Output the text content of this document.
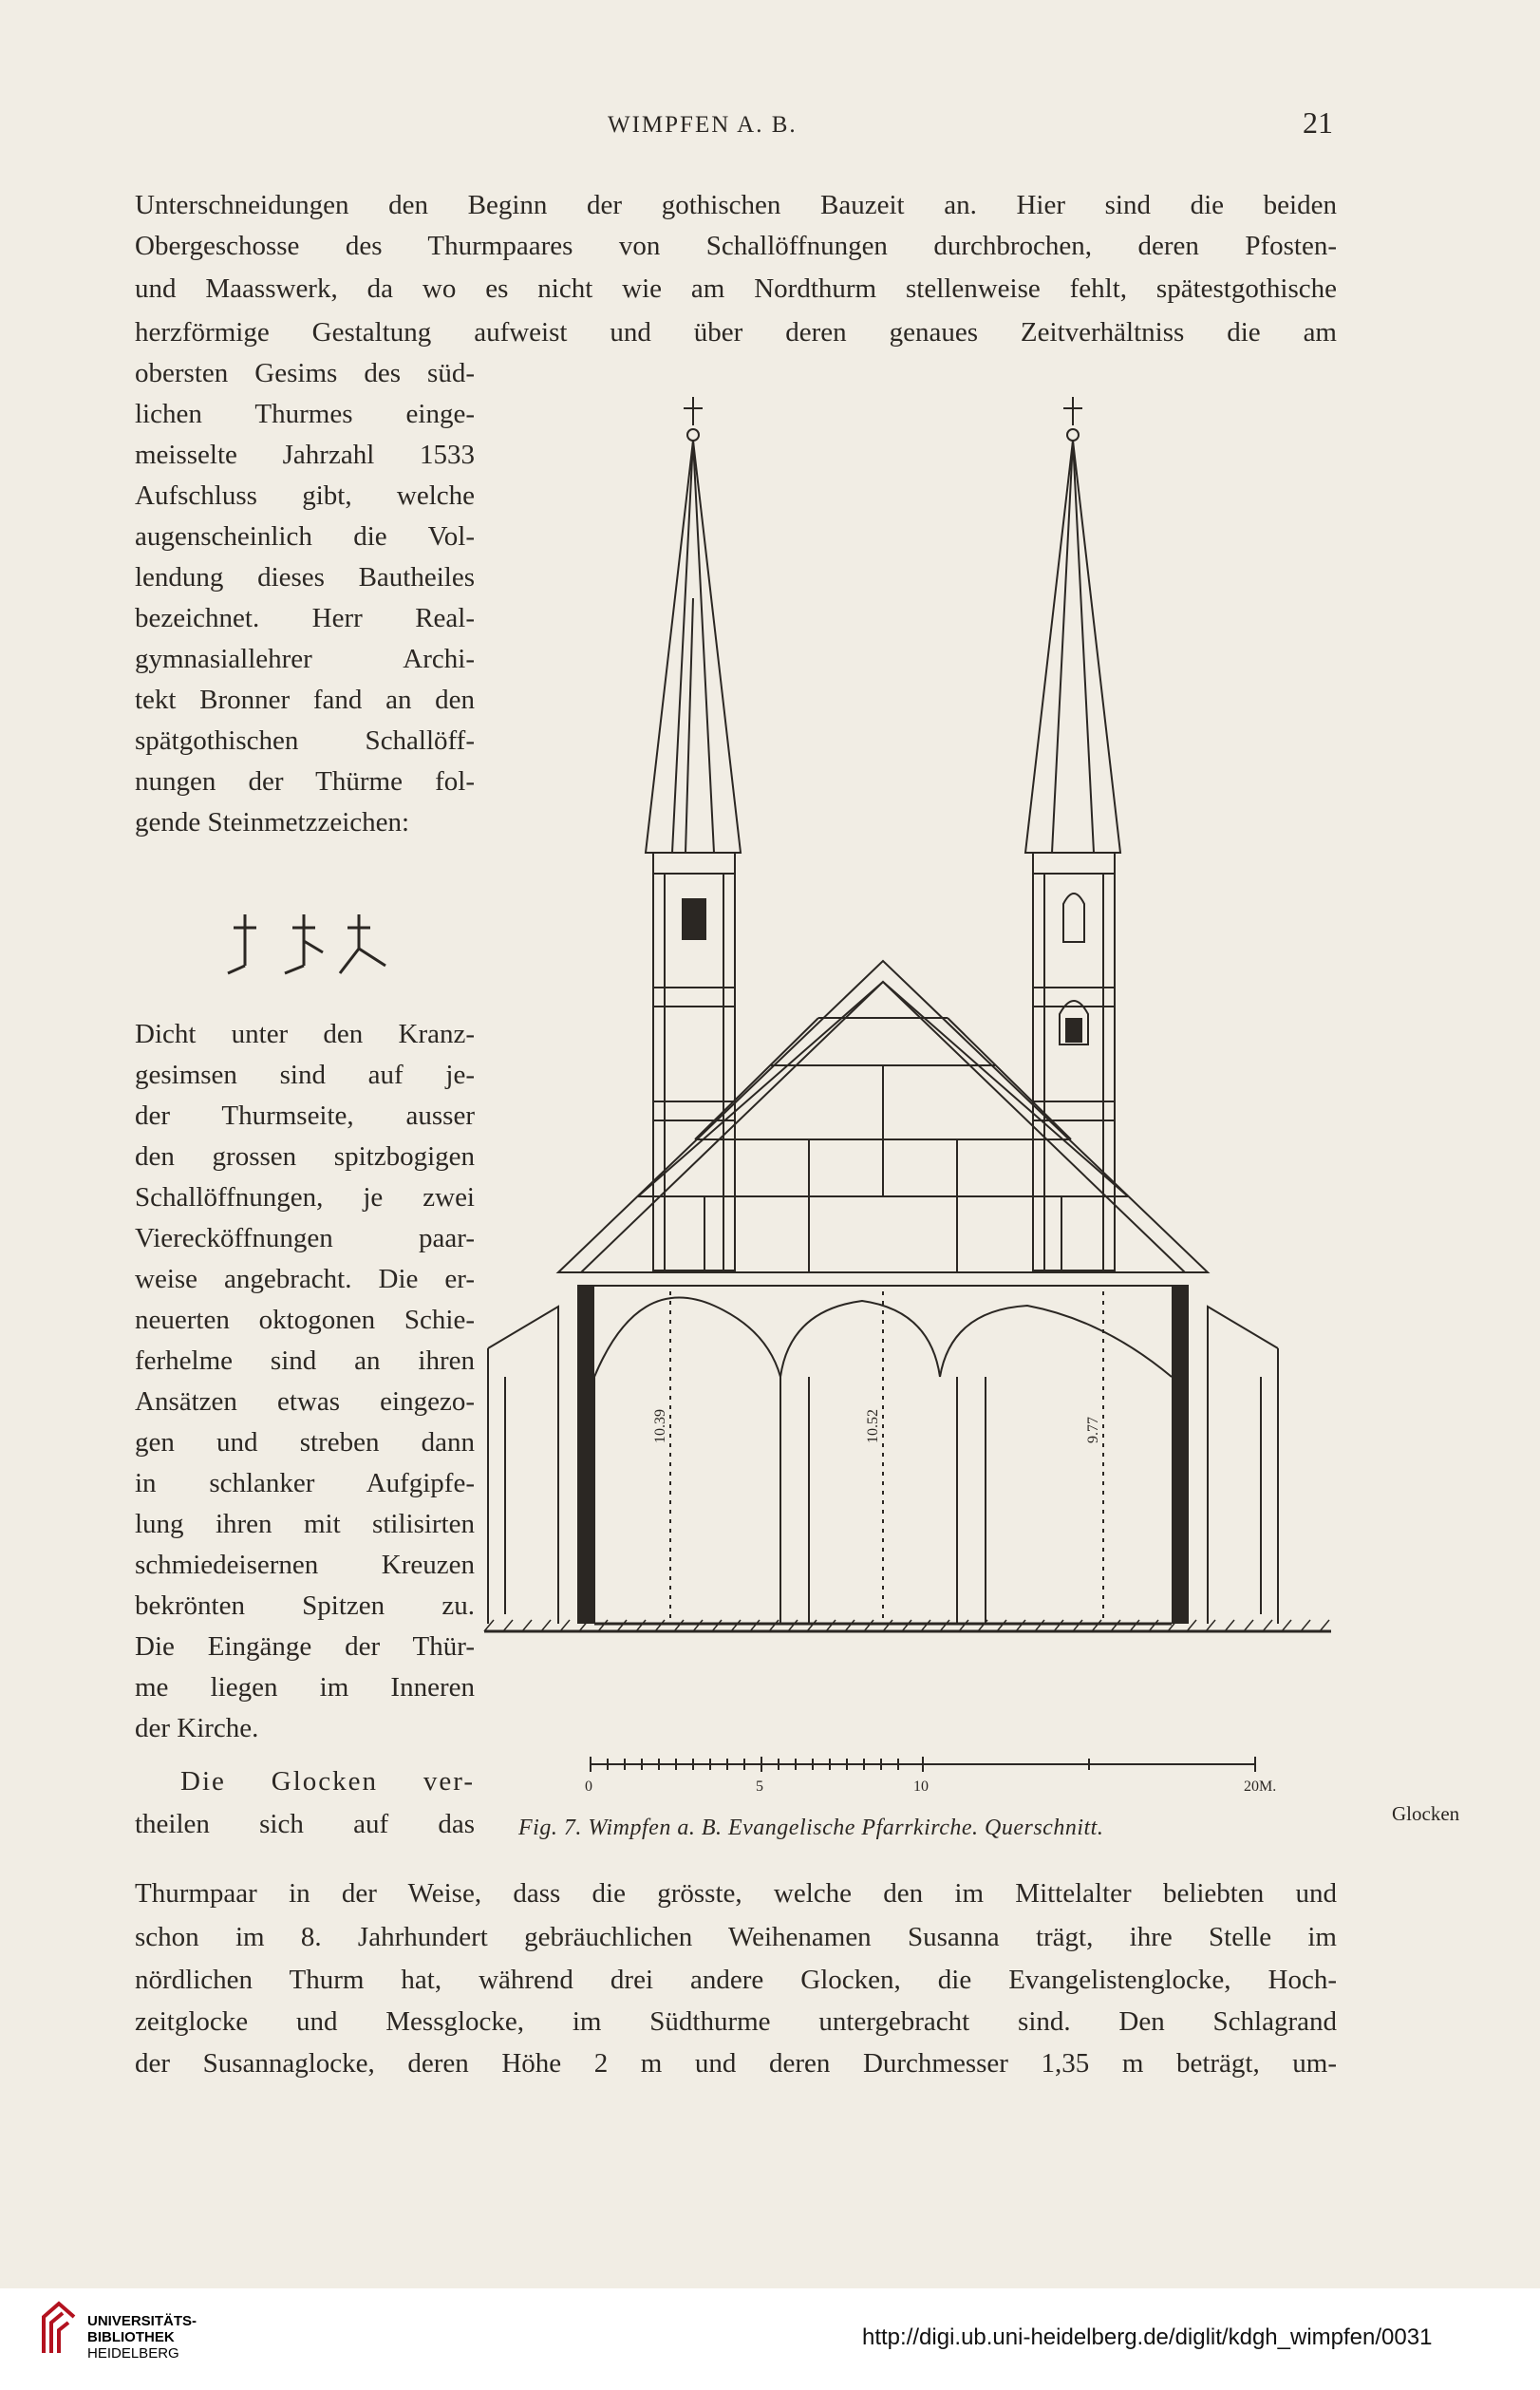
WIMPFEN A. B.	21
Unterschneidungen den Beginn der gothischen Bauzeit an. Hier sind die beiden
Obergeschosse des Thurmpaares von Schallöffnungen durchbrochen, deren Pfosten-
und Maasswerk, da wo es nicht wie am Nordthurm stellenweise fehlt, spätestgothische
herzförmige Gestaltung aufweist und über deren genaues Zeitverhältniss die am
obersten Gesims des süd-
lichen Thurmes einge-
meisselte Jahrzahl 1533
Aufschluss gibt, welche
augenscheinlich die Vol-
lendung dieses Bautheiles
bezeichnet. Herr Real-
gymnasiallehrer Archi-
tekt Bronner fand an den
spätgothischen Schallöff-
nungen der Thürme fol-
gende Steinmetzzeichen:
Dicht unter den Kranz-
gesimsen sind auf je-
der Thurmseite, ausser
den grossen spitzbogigen
Schallöffnungen, je zwei
Vierecköffnungen paar-
weise angebracht. Die er-
neuerten oktogonen Schie-
ferhelme sind an ihren
Ansätzen etwas eingezo-
gen und streben dann
in schlanker Aufgipfe-
lung ihren mit stilisirten
schmiedeisernen Kreuzen
bekrönten Spitzen zu.
Die Eingänge der Thür-
me liegen im Inneren
der Kirche.
Die Glocken ver-
theilen sich auf das
10.39	10.52	9.77
0	5	10	20M.
Fig. 7. Wimpfen a. B. Evangelische Pfarrkirche. Querschnitt.
Glocken
Thurmpaar in der Weise, dass die grösste, welche den im Mittelalter beliebten und
schon im 8. Jahrhundert gebräuchlichen Weihenamen Susanna trägt, ihre Stelle im
nördlichen Thurm hat, während drei andere Glocken, die Evangelistenglocke, Hoch-
zeitglocke und Messglocke, im Südthurme untergebracht sind. Den Schlagrand
der Susannaglocke, deren Höhe 2 m und deren Durchmesser 1,35 m beträgt, um-
UNIVERSITÄTS-
BIBLIOTHEK
HEIDELBERG
http://digi.ub.uni-heidelberg.de/diglit/kdgh_wimpfen/0031
